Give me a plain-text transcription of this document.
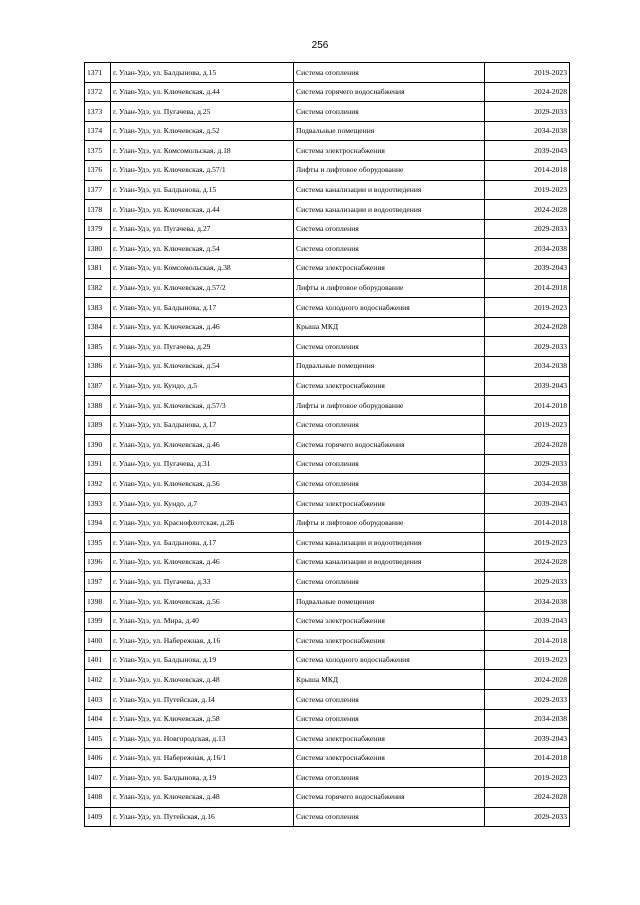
256
1371	г. Улан-Удэ, ул. Балдынова, д.15	Система отопления	2019-2023
1372	г. Улан-Удэ, ул. Ключевская, д.44	Система горячего водоснабжения	2024-2028
1373	г. Улан-Удэ, ул. Пугачева, д.25	Система отопления	2029-2033
1374	г. Улан-Удэ, ул. Ключевская, д.52	Подвальные помещения	2034-2038
1375	г. Улан-Удэ, ул. Комсомольская, д.18	Система электроснабжения	2039-2043
1376	г. Улан-Удэ, ул. Ключевская, д.57/1	Лифты и лифтовое оборудование	2014-2018
1377	г. Улан-Удэ, ул. Балдынова, д.15	Система канализации и водоотведения	2019-2023
1378	г. Улан-Удэ, ул. Ключевская, д.44	Система канализации и водоотведения	2024-2028
1379	г. Улан-Удэ, ул. Пугачева, д.27	Система отопления	2029-2033
1380	г. Улан-Удэ, ул. Ключевская, д.54	Система отопления	2034-2038
1381	г. Улан-Удэ, ул. Комсомольская, д.38	Система электроснабжения	2039-2043
1382	г. Улан-Удэ, ул. Ключевская, д.57/2	Лифты и лифтовое оборудование	2014-2018
1383	г. Улан-Удэ, ул. Балдынова, д.17	Система холодного водоснабжения	2019-2023
1384	г. Улан-Удэ, ул. Ключевская, д.46	Крыша МКД	2024-2028
1385	г. Улан-Удэ, ул. Пугачева, д.29	Система отопления	2029-2033
1386	г. Улан-Удэ, ул. Ключевская, д.54	Подвальные помещения	2034-2038
1387	г. Улан-Удэ, ул. Кундо, д.5	Система электроснабжения	2039-2043
1388	г. Улан-Удэ, ул. Ключевская, д.57/3	Лифты и лифтовое оборудование	2014-2018
1389	г. Улан-Удэ, ул. Балдынова, д.17	Система отопления	2019-2023
1390	г. Улан-Удэ, ул. Ключевская, д.46	Система горячего водоснабжения	2024-2028
1391	г. Улан-Удэ, ул. Пугачева, д.31	Система отопления	2029-2033
1392	г. Улан-Удэ, ул. Ключевская, д.56	Система отопления	2034-2038
1393	г. Улан-Удэ, ул. Кундо, д.7	Система электроснабжения	2039-2043
1394	г. Улан-Удэ, ул. Краснофлотская, д.2Б	Лифты и лифтовое оборудование	2014-2018
1395	г. Улан-Удэ, ул. Балдынова, д.17	Система канализации и водоотведения	2019-2023
1396	г. Улан-Удэ, ул. Ключевская, д.46	Система канализации и водоотведения	2024-2028
1397	г. Улан-Удэ, ул. Пугачева, д.33	Система отопления	2029-2033
1398	г. Улан-Удэ, ул. Ключевская, д.56	Подвальные помещения	2034-2038
1399	г. Улан-Удэ, ул. Мира, д.40	Система электроснабжения	2039-2043
1400	г. Улан-Удэ, ул. Набережная, д.16	Система электроснабжения	2014-2018
1401	г. Улан-Удэ, ул. Балдынова, д.19	Система холодного водоснабжения	2019-2023
1402	г. Улан-Удэ, ул. Ключевская, д.48	Крыша МКД	2024-2028
1403	г. Улан-Удэ, ул. Путейская, д.14	Система отопления	2029-2033
1404	г. Улан-Удэ, ул. Ключевская, д.58	Система отопления	2034-2038
1405	г. Улан-Удэ, ул. Новгородская, д.13	Система электроснабжения	2039-2043
1406	г. Улан-Удэ, ул. Набережная, д.16/1	Система электроснабжения	2014-2018
1407	г. Улан-Удэ, ул. Балдынова, д.19	Система отопления	2019-2023
1408	г. Улан-Удэ, ул. Ключевская, д.48	Система горячего водоснабжения	2024-2028
1409	г. Улан-Удэ, ул. Путейская, д.16	Система отопления	2029-2033
